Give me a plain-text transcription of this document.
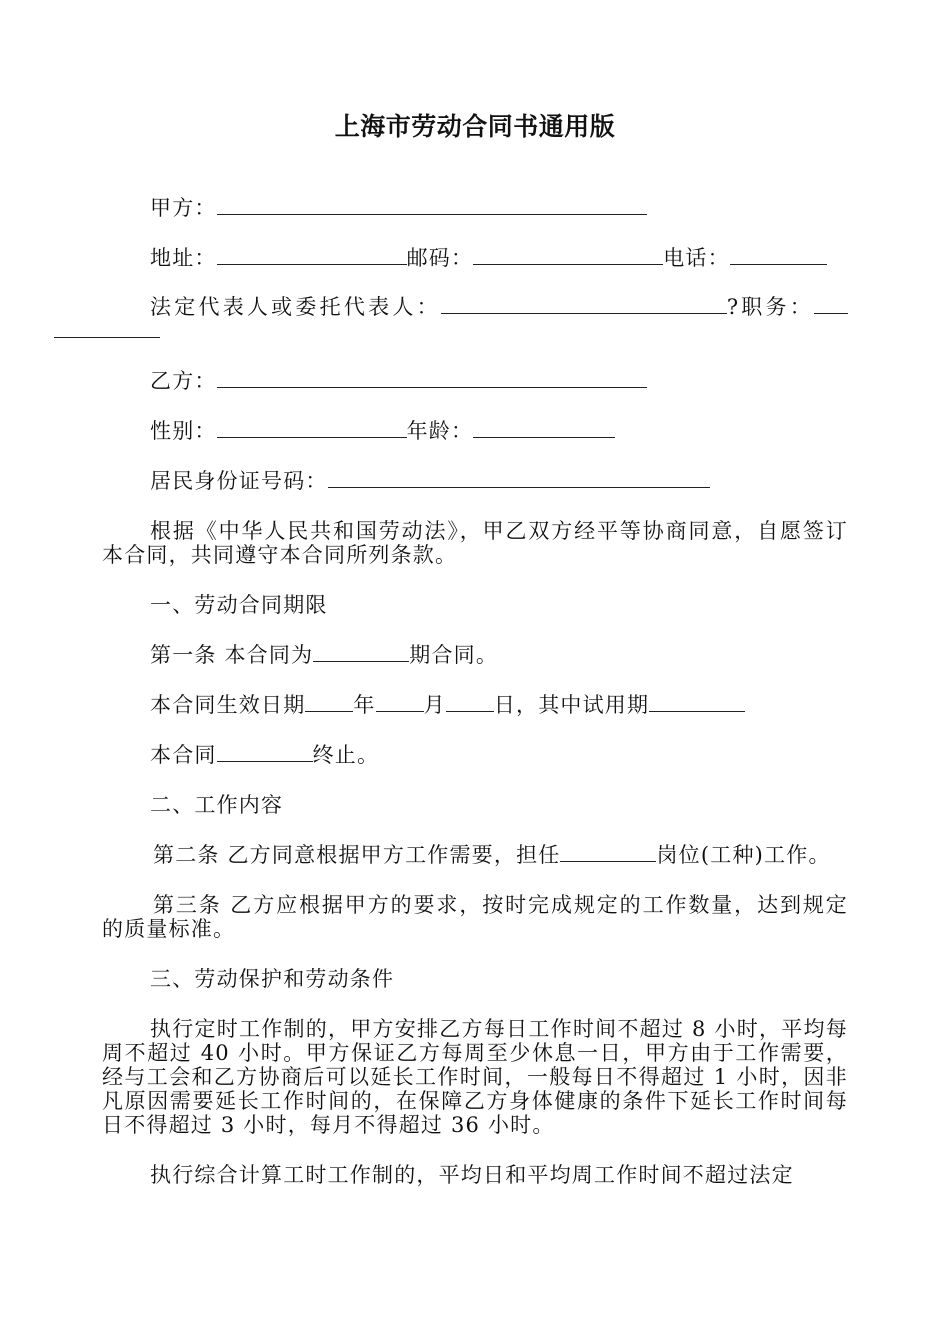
上海市劳动合同书通用版

甲方：

地址：	邮码：	电话：

法定代表人或委托代表人：	?职务：

乙方：

性别：	年龄：

居民身份证号码：

根据《中华人民共和国劳动法》，甲乙双方经平等协商同意，自愿签订本合同，共同遵守本合同所列条款。

一、劳动合同期限

第一条 本合同为	期合同。

本合同生效日期 年 月 日，其中试用期

本合同	终止。

二、工作内容

第二条 乙方同意根据甲方工作需要，担任	岗位(工种)工作。

第三条 乙方应根据甲方的要求，按时完成规定的工作数量，达到规定的质量标准。

三、劳动保护和劳动条件

执行定时工作制的，甲方安排乙方每日工作时间不超过 8 小时，平均每周不超过 40 小时。甲方保证乙方每周至少休息一日，甲方由于工作需要，经与工会和乙方协商后可以延长工作时间，一般每日不得超过 1 小时，因非凡原因需要延长工作时间的，在保障乙方身体健康的条件下延长工作时间每日不得超过 3 小时，每月不得超过 36 小时。

执行综合计算工时工作制的，平均日和平均周工作时间不超过法定
